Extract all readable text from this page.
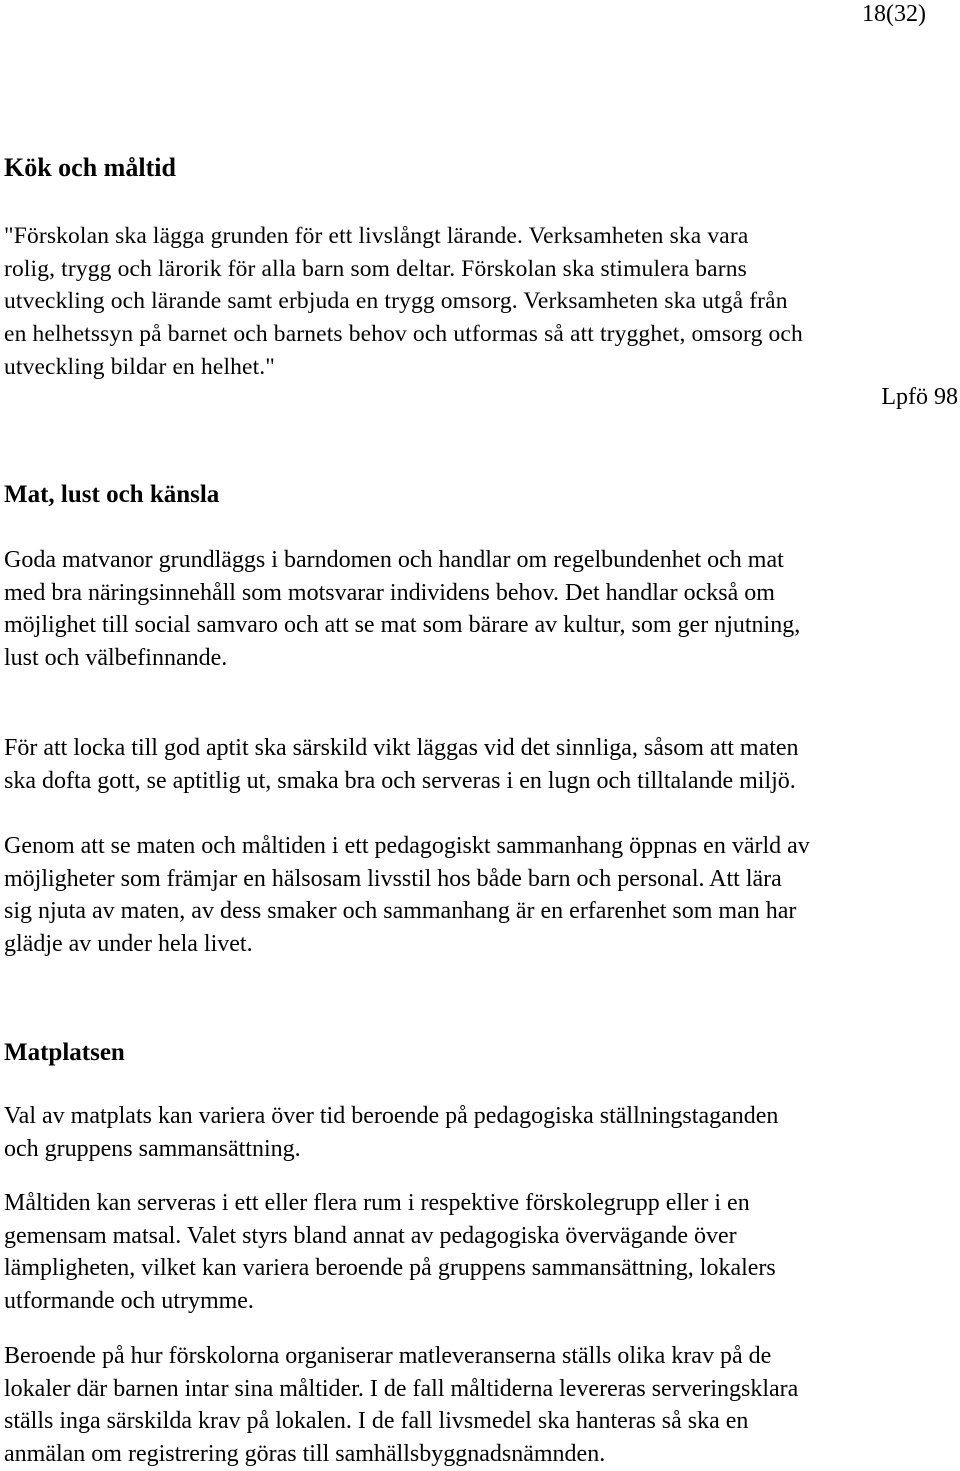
18(32)
Kök och måltid

"Förskolan ska lägga grunden för ett livslångt lärande. Verksamheten ska vara
rolig, trygg och lärorik för alla barn som deltar. Förskolan ska stimulera barns
utveckling och lärande samt erbjuda en trygg omsorg. Verksamheten ska utgå från
en helhetssyn på barnet och barnets behov och utformas så att trygghet, omsorg och
utveckling bildar en helhet."

Lpfö 98
Mat, lust och känsla

Goda matvanor grundläggs i barndomen och handlar om regelbundenhet och mat
med bra näringsinnehåll som motsvarar individens behov. Det handlar också om
möjlighet till social samvaro och att se mat som bärare av kultur, som ger njutning,
lust och välbefinnande.

För att locka till god aptit ska särskild vikt läggas vid det sinnliga, såsom att maten
ska dofta gott, se aptitlig ut, smaka bra och serveras i en lugn och tilltalande miljö.

Genom att se maten och måltiden i ett pedagogiskt sammanhang öppnas en värld av
möjligheter som främjar en hälsosam livsstil hos både barn och personal. Att lära
sig njuta av maten, av dess smaker och sammanhang är en erfarenhet som man har
glädje av under hela livet.

Matplatsen

Val av matplats kan variera över tid beroende på pedagogiska ställningstaganden
och gruppens sammansättning.

Måltiden kan serveras i ett eller flera rum i respektive förskolegrupp eller i en
gemensam matsal. Valet styrs bland annat av pedagogiska övervägande över
lämpligheten, vilket kan variera beroende på gruppens sammansättning, lokalers
utformande och utrymme.

Beroende på hur förskolorna organiserar matleveranserna ställs olika krav på de
lokaler där barnen intar sina måltider. I de fall måltiderna levereras serveringsklara
ställs inga särskilda krav på lokalen. I de fall livsmedel ska hanteras så ska en
anmälan om registrering göras till samhällsbyggnadsnämnden.
